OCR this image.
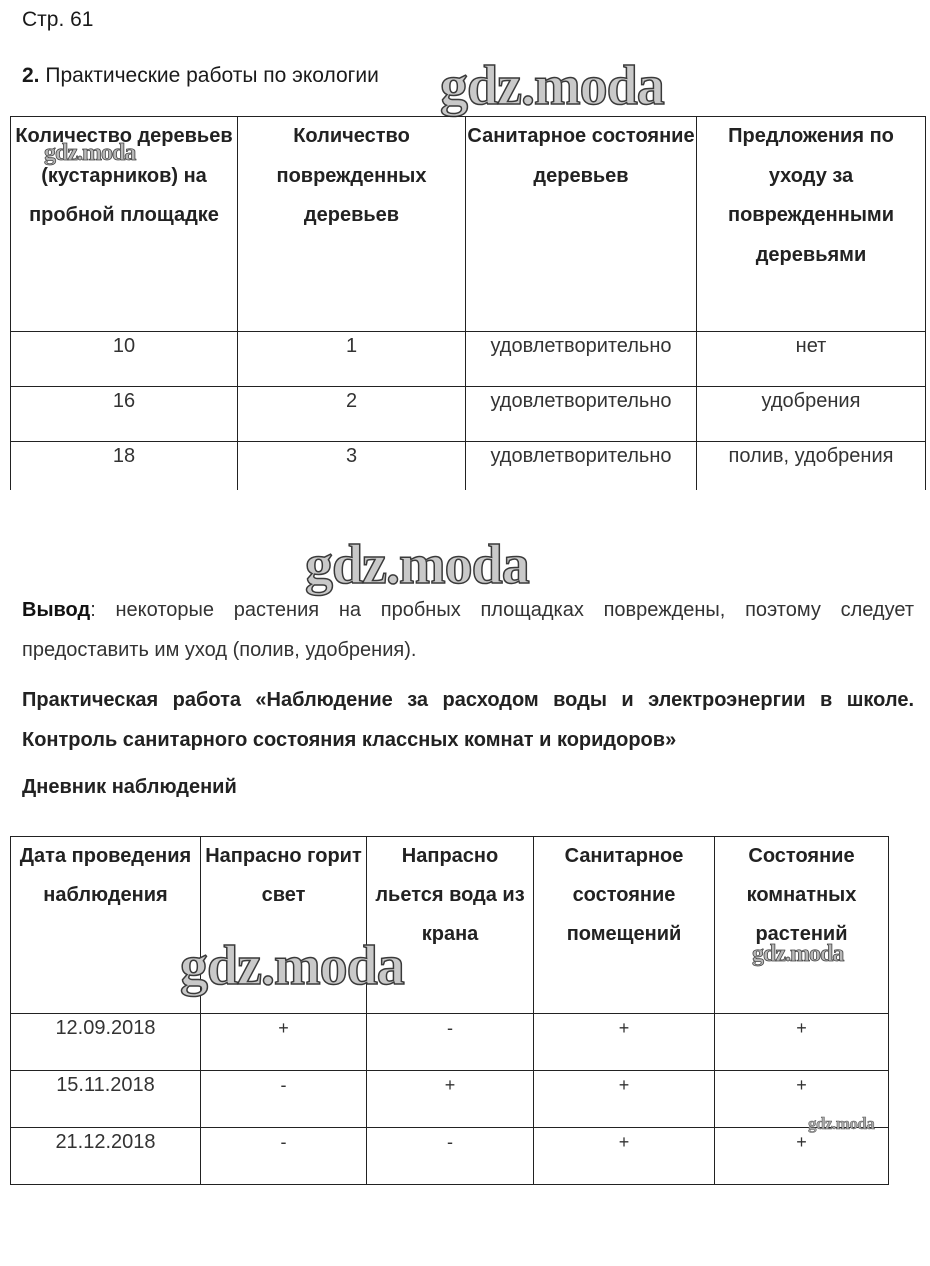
Стр. 61
2. Практические работы по экологии gdz.moda
Количество деревьев (кустарников) на пробной площадке	Количество поврежденных деревьев	Санитарное состояние деревьев	Предложения по уходу за поврежденными деревьями
10	1	удовлетворительно	нет
16	2	удовлетворительно	удобрения
18	3	удовлетворительно	полив, удобрения
gdz.moda
gdz.moda
Вывод: некоторые растения на пробных площадках повреждены, поэтому следует предоставить им уход (полив, удобрения).
Практическая работа «Наблюдение за расходом воды и электроэнергии в школе. Контроль санитарного состояния классных комнат и коридоров»
Дневник наблюдений
Дата проведения наблюдения	Напрасно горит свет	Напрасно льется вода из крана	Санитарное состояние помещений	Состояние комнатных растений
12.09.2018	+	-	+	+
15.11.2018	-	+	+	+
21.12.2018	-	-	+	+
gdz.moda	gdz.moda
gdz.moda
